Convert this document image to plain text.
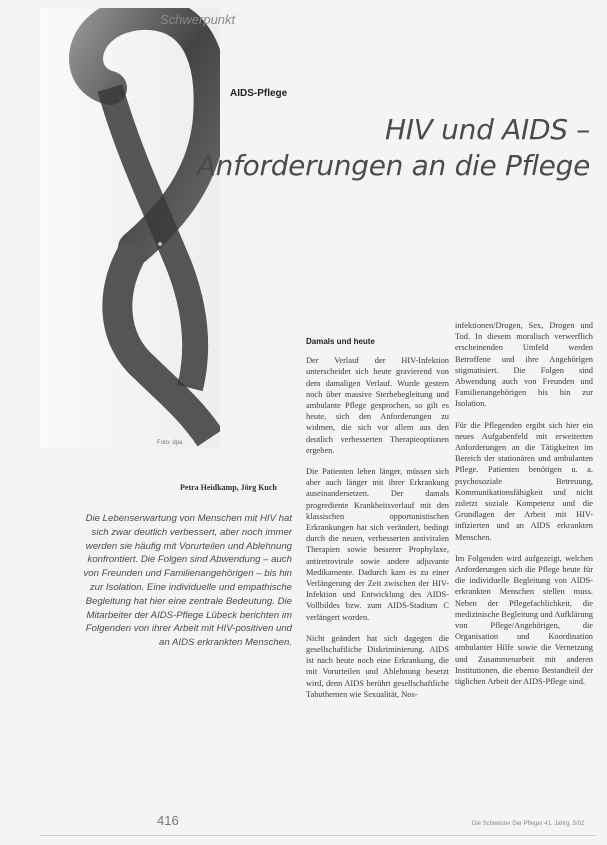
Foto: dpa
Schwerpunkt
AIDS-Pflege
HIV und AIDS –
Anforderungen an die Pflege
Petra Heidkamp, Jörg Kuch
Die Lebenserwartung von Menschen mit HIV hat sich zwar deutlich verbessert, aber noch immer werden sie häufig mit Vorurteilen und Ablehnung konfrontiert. Die Folgen sind Abwendung – auch von Freunden und Familienangehörigen – bis hin zur Isolation. Eine individuelle und empathische Begleitung hat hier eine zentrale Bedeutung. Die Mitarbeiter der AIDS-Pflege Lübeck berichten im Folgenden von ihrer Arbeit mit HIV-positiven und an AIDS erkrankten Menschen.
Damals und heute

Der Verlauf der HIV-Infektion unterscheidet sich heute gravierend von dem damaligen Verlauf. Wurde gestern noch über massive Sterbebegleitung und ambulante Pflege gesprochen, so gilt es heute, sich den Anforderungen zu widmen, die sich vor allem aus den deutlich verbesserten Therapieoptionen ergeben.

Die Patienten leben länger, müssen sich aber auch länger mit ihrer Erkrankung auseinandersetzen. Der damals progrediente Krankheitsverlauf mit den klassischen opportunistischen Erkrankungen hat sich verändert, bedingt durch die neuen, verbesserten antiviralen Therapien sowie besserer Prophylaxe, antiretrovirale sowie andere adjuvante Medikamente. Dadurch kam es zu einer Verlängerung der Zeit zwischen der HIV-Infektion und Entwicklung des AIDS-Vollbildes bzw. zum AIDS-Stadium C verlängert worden.

Nicht geändert hat sich dagegen die gesellschaftliche Diskriminierung. AIDS ist nach heute noch eine Erkrankung, die mit Vorurteilen und Ablehnung besetzt wird, denn AIDS berührt gesellschaftliche Tabuthemen wie Sexualität, Nos-

infektionen/Drogen, Sex, Drogen und Tod. In diesem moralisch verwerflich erscheinenden Umfeld werden Betroffene und ihre Angehörigen stigmatisiert. Die Folgen sind Abwendung auch von Freunden und Familienangehörigen bis hin zur Isolation.

Für die Pflegenden ergibt sich hier ein neues Aufgabenfeld mit erweiterten Anforderungen an die Tätigkeiten im Bereich der stationären und ambulanten Pflege. Patienten benötigen u. a. psychosoziale Betreuung, Kommunikationsfähigkeit und nicht zuletzt soziale Kompetenz und die Grundlagen der Arbeit mit HIV-infizierten und an AIDS erkrankten Menschen.

Im Folgenden wird aufgezeigt, welchen Anforderungen sich die Pflege heute für die individuelle Begleitung von AIDS-erkrankten Menschen stellen muss. Neben der Pflegefachlichkeit, die medizinische Begleitung und Aufklärung von Pflege/Angehörigen, die Organisation und Koordination ambulanter Hilfe sowie die Vernetzung und Zusammenarbeit mit anderen Institutionen, die ebenso Bestandteil der täglichen Arbeit der AIDS-Pflege sind.

416	Die Schwester Der Pfleger 41. Jahrg. 5/02
